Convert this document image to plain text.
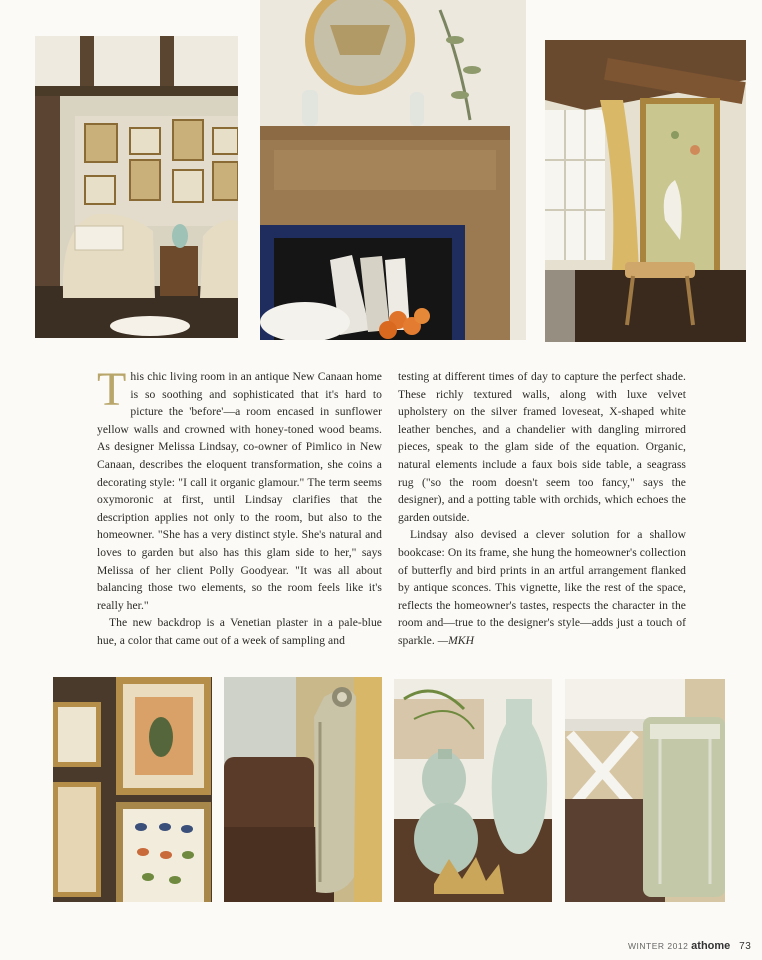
This chic living room in an antique New Canaan home is so soothing and sophisticated that it's hard to picture the 'before'—a room encased in sunflower yellow walls and crowned with honey-toned wood beams. As designer Melissa Lindsay, co-owner of Pimlico in New Canaan, describes the eloquent transformation, she coins a decorating style: "I call it organic glamour." The term seems oxymoronic at first, until Lindsay clarifies that the description applies not only to the room, but also to the homeowner. "She has a very distinct style. She's natural and loves to garden but also has this glam side to her," says Melissa of her client Polly Goodyear. "It was all about balancing those two elements, so the room feels like it's really her."

The new backdrop is a Venetian plaster in a pale-blue hue, a color that came out of a week of sampling and

testing at different times of day to capture the perfect shade. These richly textured walls, along with luxe velvet upholstery on the silver framed loveseat, X-shaped white leather benches, and a chandelier with dangling mirrored pieces, speak to the glam side of the equation. Organic, natural elements include a faux bois side table, a seagrass rug ("so the room doesn't seem too fancy," says the designer), and a potting table with orchids, which echoes the garden outside.

Lindsay also devised a clever solution for a shallow bookcase: On its frame, she hung the homeowner's collection of butterfly and bird prints in an artful arrangement flanked by antique sconces. This vignette, like the rest of the space, reflects the homeowner's tastes, respects the character in the room and—true to the designer's style—adds just a touch of sparkle. —MKH

WINTER 2012 athome 73
